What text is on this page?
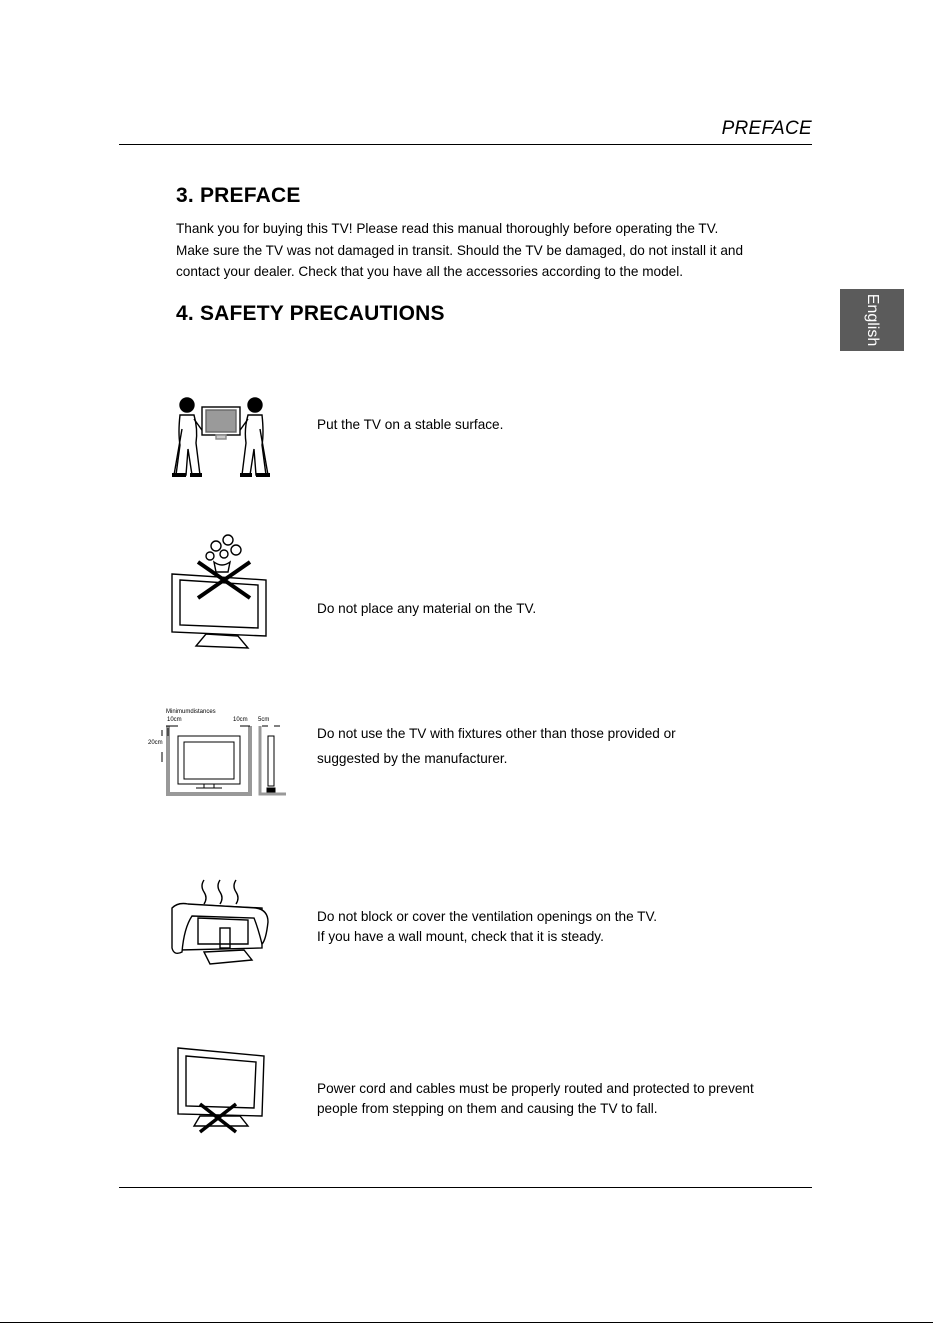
PREFACE
English
3. PREFACE

Thank you for buying this TV! Please read this manual thoroughly before operating the TV.

Make sure the TV was not damaged in transit. Should the TV be damaged, do not install it and

contact your dealer. Check that you have all the accessories according to the model.

4. SAFETY PRECAUTIONS

Put the TV on a stable surface.

Do not place any material on the TV.

Minimumdistances
10cm	10cm 5cm
20cm

Do not use the TV with fixtures other than those provided or

suggested by the manufacturer.

Do not block or cover the ventilation openings on the TV.

If you have a wall mount, check that it is steady.

Power cord and cables must be properly routed and protected to prevent

people from stepping on them and causing the TV to fall.
